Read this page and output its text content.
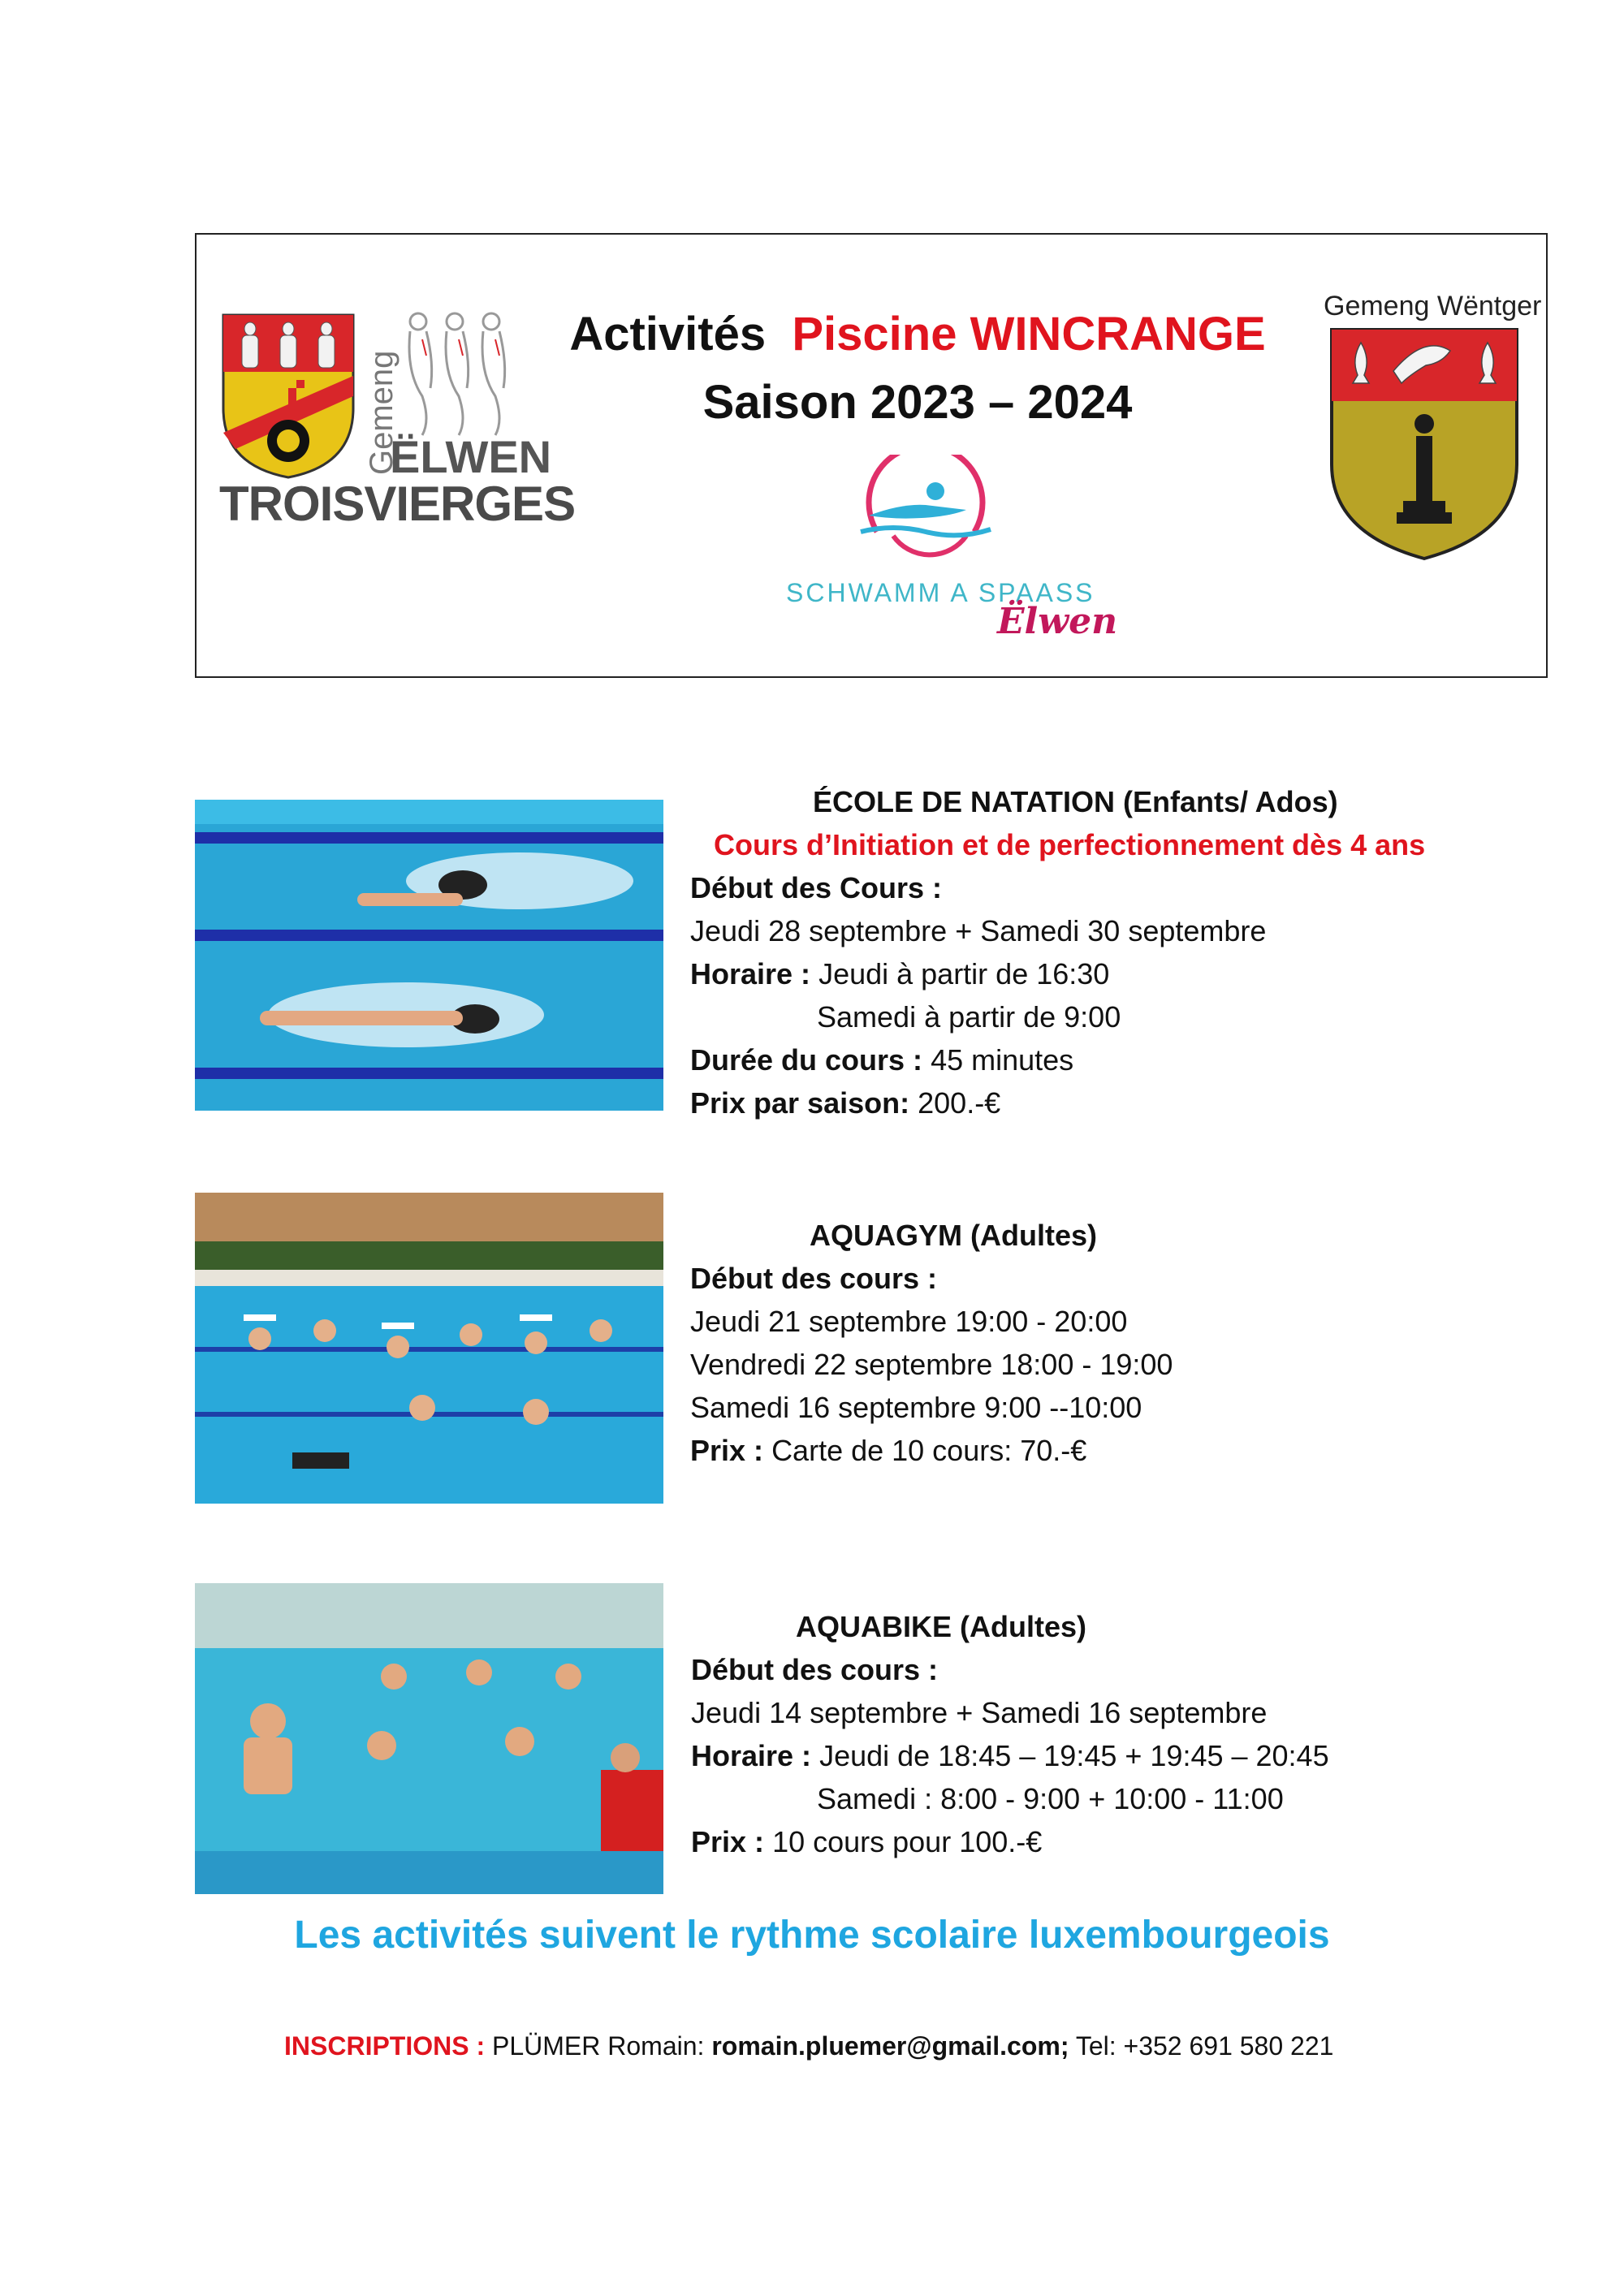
Gemeng
ËLWEN
TROISVIERGES
Activités Piscine WINCRANGE
Saison 2023 – 2024
SCHWAMM A SPAASS
Ëlwen
Gemeng Wëntger
ÉCOLE DE NATATION (Enfants/ Ados)
Cours d’Initiation et de perfectionnement dès 4 ans
Début des Cours :
Jeudi 28 septembre + Samedi 30 septembre
Horaire : Jeudi à partir de 16:30
Samedi à partir de 9:00
Durée du cours : 45 minutes
Prix par saison: 200.-€
AQUAGYM (Adultes)
Début des cours :
Jeudi 21 septembre 19:00 - 20:00
Vendredi 22 septembre 18:00 - 19:00
Samedi 16 septembre 9:00 --10:00
Prix : Carte de 10 cours: 70.-€
AQUABIKE (Adultes)
Début des cours :
Jeudi 14 septembre + Samedi 16 septembre
Horaire : Jeudi de 18:45 – 19:45 + 19:45 – 20:45
Samedi : 8:00 - 9:00 + 10:00 - 11:00
Prix : 10 cours pour 100.-€
Les activités suivent le rythme scolaire luxembourgeois
INSCRIPTIONS : PLÜMER Romain: romain.pluemer@gmail.com; Tel: +352 691 580 221
